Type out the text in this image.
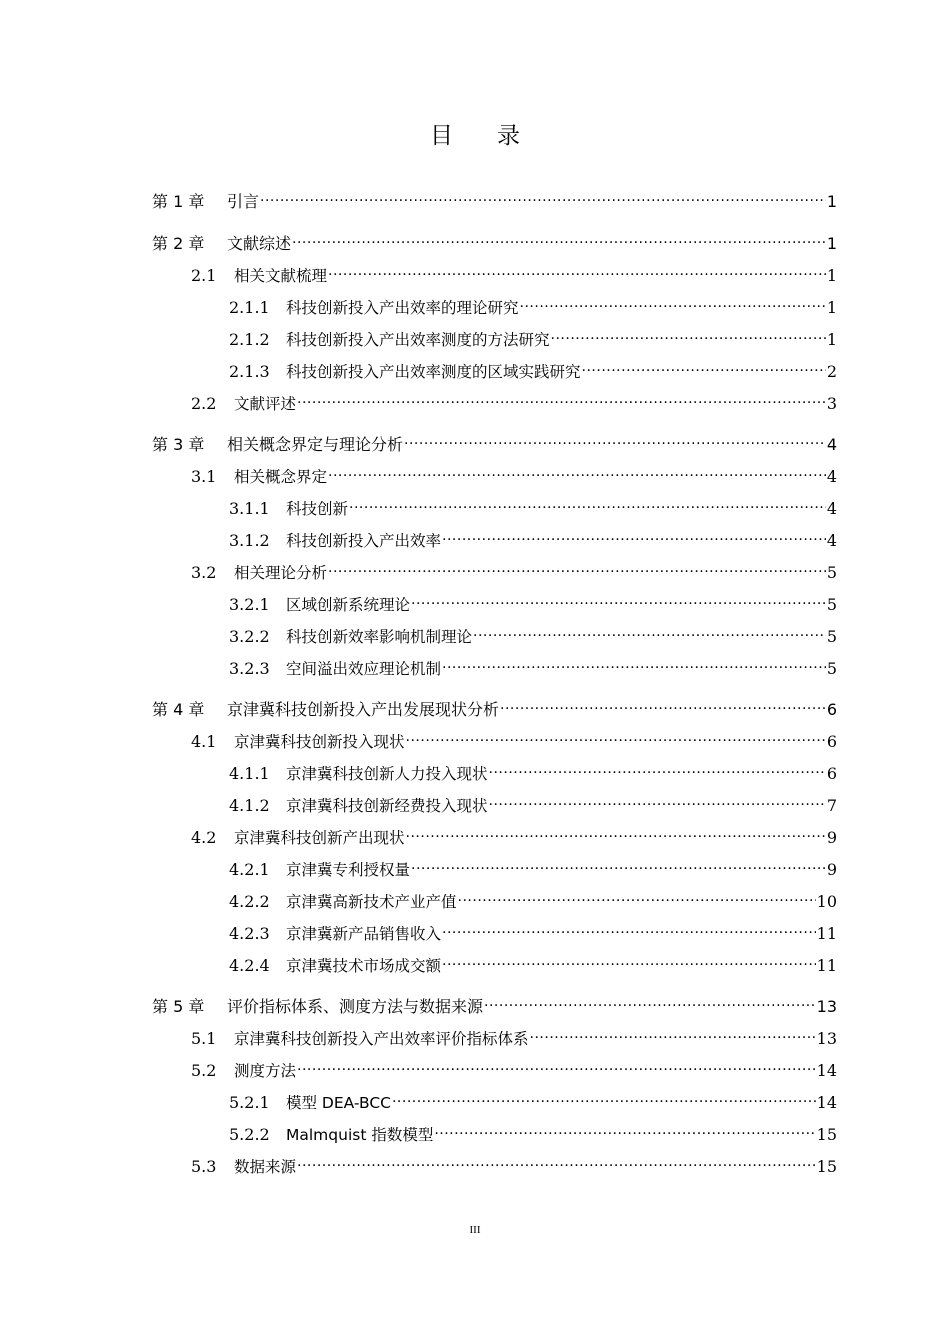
目 录
第 1 章	引言 .....	1
第 2 章	文献综述 .....	1
2.1	相关文献梳理 .....	1
2.1.1	科技创新投入产出效率的理论研究 .....	1
2.1.2	科技创新投入产出效率测度的方法研究 .....	1
2.1.3	科技创新投入产出效率测度的区域实践研究 .....	2
2.2	文献评述 .....	3
第 3 章	相关概念界定与理论分析 .....	4
3.1	相关概念界定 .....	4
3.1.1	科技创新 .....	4
3.1.2	科技创新投入产出效率 .....	4
3.2	相关理论分析 .....	5
3.2.1	区域创新系统理论 .....	5
3.2.2	科技创新效率影响机制理论 .....	5
3.2.3	空间溢出效应理论机制 .....	5
第 4 章	京津冀科技创新投入产出发展现状分析 .....	6
4.1	京津冀科技创新投入现状 .....	6
4.1.1	京津冀科技创新人力投入现状 .....	6
4.1.2	京津冀科技创新经费投入现状 .....	7
4.2	京津冀科技创新产出现状 .....	9
4.2.1	京津冀专利授权量 .....	9
4.2.2	京津冀高新技术产业产值 .....	10
4.2.3	京津冀新产品销售收入 .....	11
4.2.4	京津冀技术市场成交额 .....	11
第 5 章	评价指标体系、测度方法与数据来源 .....	13
5.1	京津冀科技创新投入产出效率评价指标体系 .....	13
5.2	测度方法 .....	14
5.2.1	模型 DEA-BCC .....	14
5.2.2	Malmquist 指数模型 .....	15
5.3	数据来源 .....	15
III
